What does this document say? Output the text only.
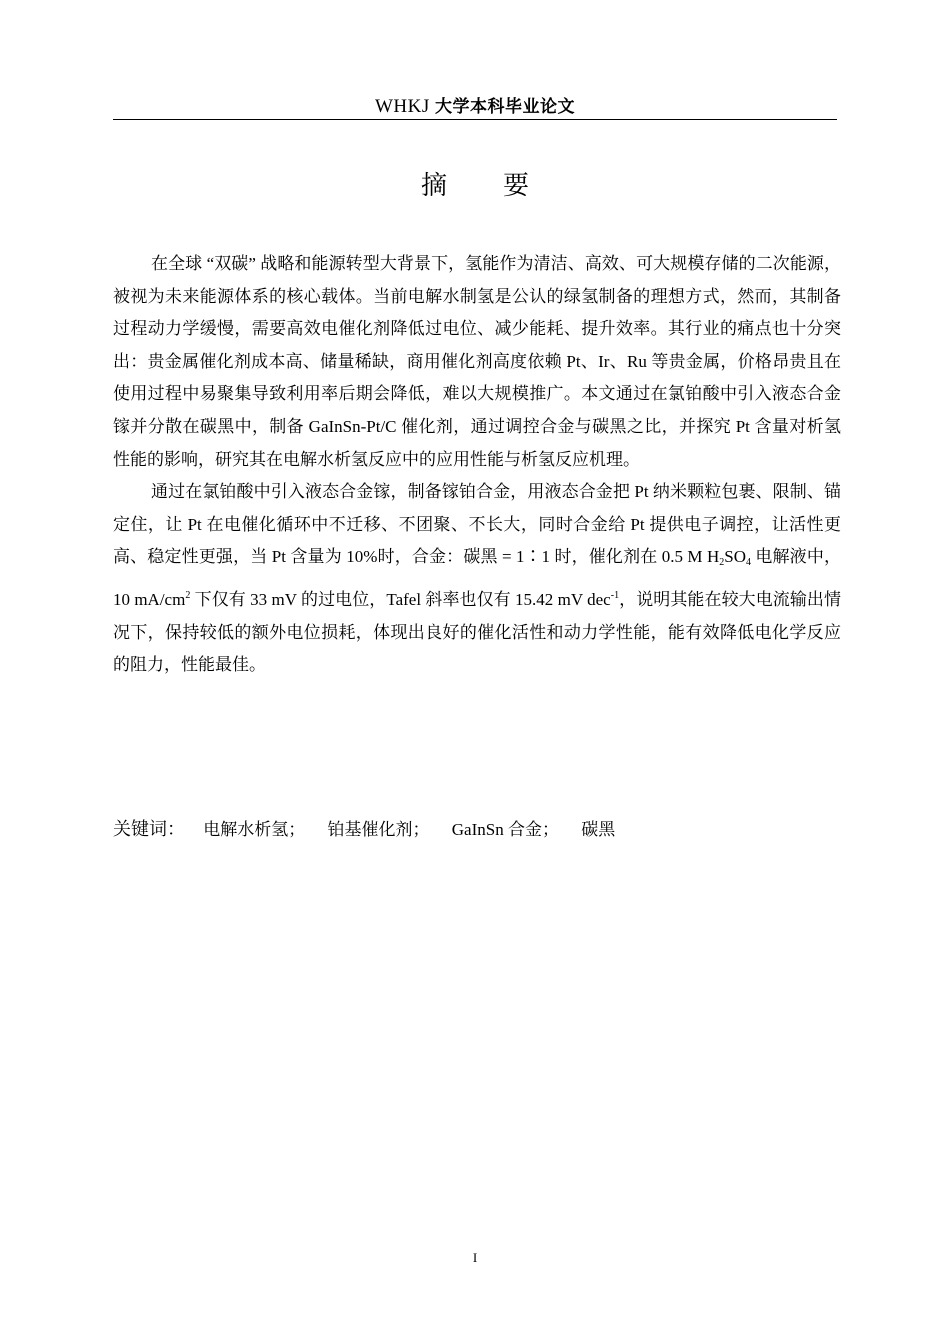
WHKJ 大学本科毕业论文
摘要

在全球 “双碳” 战略和能源转型大背景下，氢能作为清洁、高效、可大规模存储的二次能源，被视为未来能源体系的核心载体。当前电解水制氢是公认的绿氢制备的理想方式，然而，其制备过程动力学缓慢，需要高效电催化剂降低过电位、减少能耗、提升效率。其行业的痛点也十分突出：贵金属催化剂成本高、储量稀缺，商用催化剂高度依赖 Pt、Ir、Ru 等贵金属，价格昂贵且在使用过程中易聚集导致利用率后期会降低，难以大规模推广。本文通过在氯铂酸中引入液态合金镓并分散在碳黑中，制备 GaInSn-Pt/C 催化剂，通过调控合金与碳黑之比，并探究 Pt 含量对析氢性能的影响，研究其在电解水析氢反应中的应用性能与析氢反应机理。

通过在氯铂酸中引入液态合金镓，制备镓铂合金，用液态合金把 Pt 纳米颗粒包裹、限制、锚定住，让 Pt 在电催化循环中不迁移、不团聚、不长大，同时合金给 Pt 提供电子调控，让活性更高、稳定性更强，当 Pt 含量为 10%时，合金：碳黑 = 1∶1 时，催化剂在 0.5 M $H_2SO_4$ 电解液中，10 $mA/cm^2$ 下仅有 33 mV 的过电位，Tafel 斜率也仅有 15.42 mV dec$^{-1}$，说明其能在较大电流输出情况下，保持较低的额外电位损耗，体现出良好的催化活性和动力学性能，能有效降低电化学反应的阻力，性能最佳。

关键词： 电解水析氢； 铂基催化剂； GaInSn 合金； 碳黑
I
